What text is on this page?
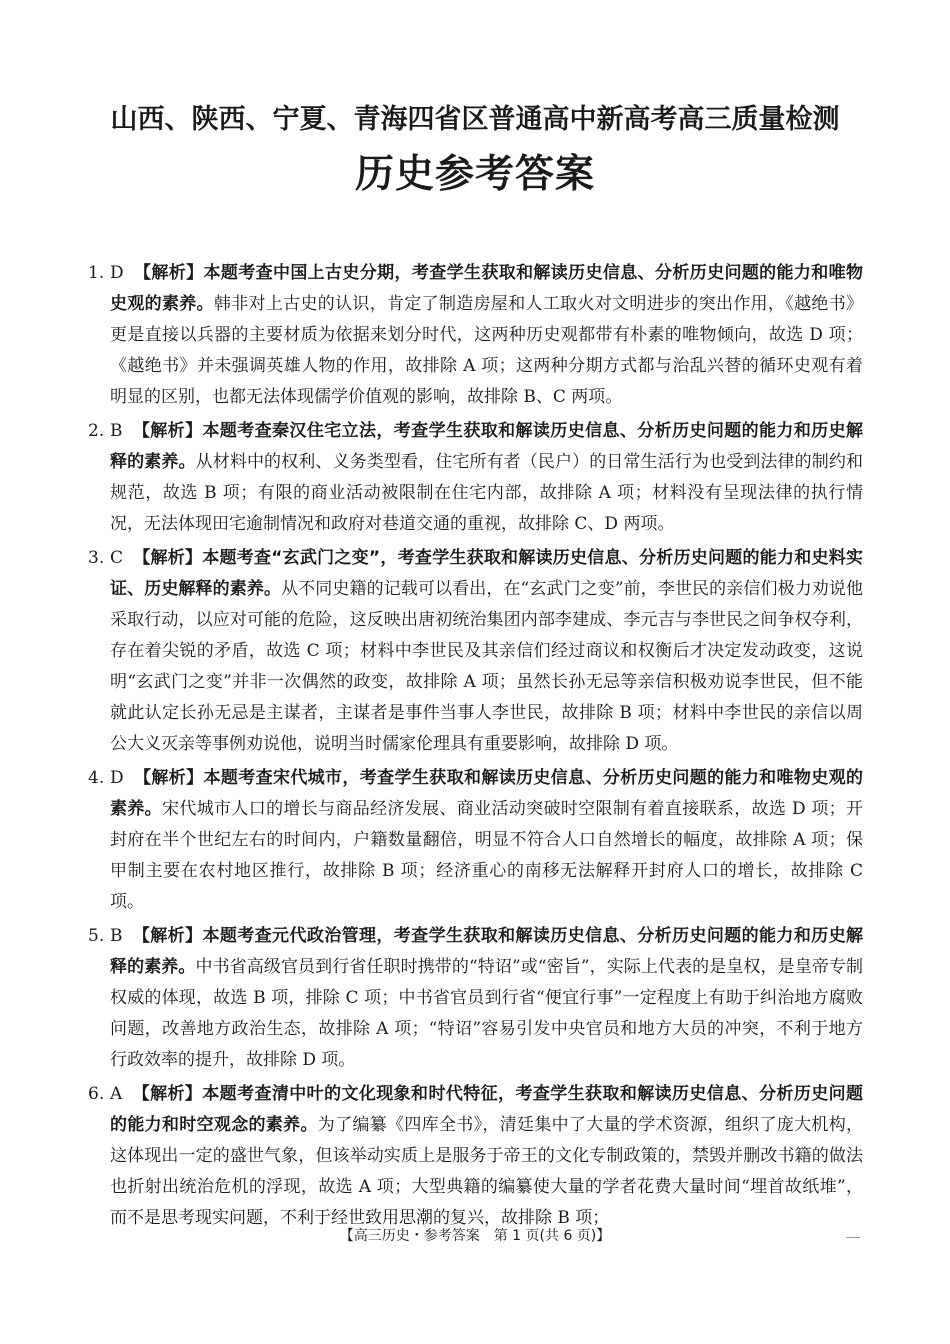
山西、陕西、宁夏、青海四省区普通高中新高考高三质量检测
历史参考答案
1. D 【解析】本题考查中国上古史分期，考查学生获取和解读历史信息、分析历史问题的能力和唯物史观的素养。韩非对上古史的认识，肯定了制造房屋和人工取火对文明进步的突出作用，《越绝书》更是直接以兵器的主要材质为依据来划分时代，这两种历史观都带有朴素的唯物倾向，故选 D 项；《越绝书》并未强调英雄人物的作用，故排除 A 项；这两种分期方式都与治乱兴替的循环史观有着明显的区别，也都无法体现儒学价值观的影响，故排除 B、C 两项。
2. B 【解析】本题考查秦汉住宅立法，考查学生获取和解读历史信息、分析历史问题的能力和历史解释的素养。从材料中的权利、义务类型看，住宅所有者（民户）的日常生活行为也受到法律的制约和规范，故选 B 项；有限的商业活动被限制在住宅内部，故排除 A 项；材料没有呈现法律的执行情况，无法体现田宅逾制情况和政府对巷道交通的重视，故排除 C、D 两项。
3. C 【解析】本题考查“玄武门之变”，考查学生获取和解读历史信息、分析历史问题的能力和史料实证、历史解释的素养。从不同史籍的记载可以看出，在“玄武门之变”前，李世民的亲信们极力劝说他采取行动，以应对可能的危险，这反映出唐初统治集团内部李建成、李元吉与李世民之间争权夺利，存在着尖锐的矛盾，故选 C 项；材料中李世民及其亲信们经过商议和权衡后才决定发动政变，这说明“玄武门之变”并非一次偶然的政变，故排除 A 项；虽然长孙无忌等亲信积极劝说李世民，但不能就此认定长孙无忌是主谋者，主谋者是事件当事人李世民，故排除 B 项；材料中李世民的亲信以周公大义灭亲等事例劝说他，说明当时儒家伦理具有重要影响，故排除 D 项。
4. D 【解析】本题考查宋代城市，考查学生获取和解读历史信息、分析历史问题的能力和唯物史观的素养。宋代城市人口的增长与商品经济发展、商业活动突破时空限制有着直接联系，故选 D 项；开封府在半个世纪左右的时间内，户籍数量翻倍，明显不符合人口自然增长的幅度，故排除 A 项；保甲制主要在农村地区推行，故排除 B 项；经济重心的南移无法解释开封府人口的增长，故排除 C 项。
5. B 【解析】本题考查元代政治管理，考查学生获取和解读历史信息、分析历史问题的能力和历史解释的素养。中书省高级官员到行省任职时携带的“特诏”或“密旨”，实际上代表的是皇权，是皇帝专制权威的体现，故选 B 项，排除 C 项；中书省官员到行省“便宜行事”一定程度上有助于纠治地方腐败问题，改善地方政治生态，故排除 A 项；“特诏”容易引发中央官员和地方大员的冲突，不利于地方行政效率的提升，故排除 D 项。
6. A 【解析】本题考查清中叶的文化现象和时代特征，考查学生获取和解读历史信息、分析历史问题的能力和时空观念的素养。为了编纂《四库全书》，清廷集中了大量的学术资源，组织了庞大机构，这体现出一定的盛世气象，但该举动实质上是服务于帝王的文化专制政策的，禁毁并删改书籍的做法也折射出统治危机的浮现，故选 A 项；大型典籍的编纂使大量的学者花费大量时间“埋首故纸堆”，而不是思考现实问题，不利于经世致用思潮的复兴，故排除 B 项；
【高三历史・参考答案　第 1 页(共 6 页)】
